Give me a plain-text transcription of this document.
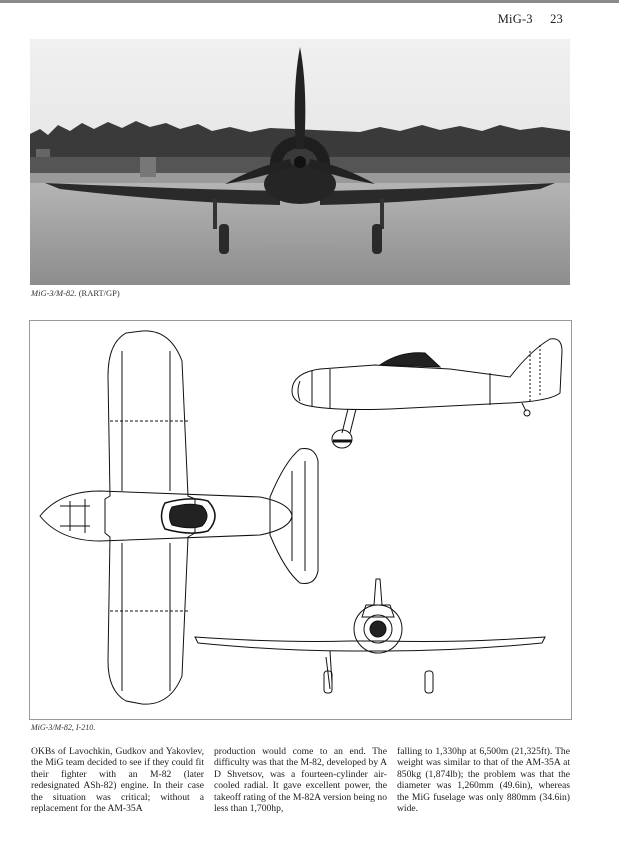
MiG-3 23
MiG-3/M-82. (RART/GP)
MiG-3/M-82, I-210.
OKBs of Lavochkin, Gudkov and Yakovlev, the MiG team decided to see if they could fit their fighter with an M-82 (later redesignated ASh-82) engine. In their case the situation was critical; without a replacement for the AM-35A
production would come to an end. The difficulty was that the M-82, developed by A D Shvetsov, was a fourteen-cylinder air-cooled radial. It gave excellent power, the takeoff rating of the M-82A version being no less than 1,700hp,
falling to 1,330hp at 6,500m (21,325ft). The weight was similar to that of the AM-35A at 850kg (1,874lb); the problem was that the diameter was 1,260mm (49.6in), whereas the MiG fuselage was only 880mm (34.6in) wide.
